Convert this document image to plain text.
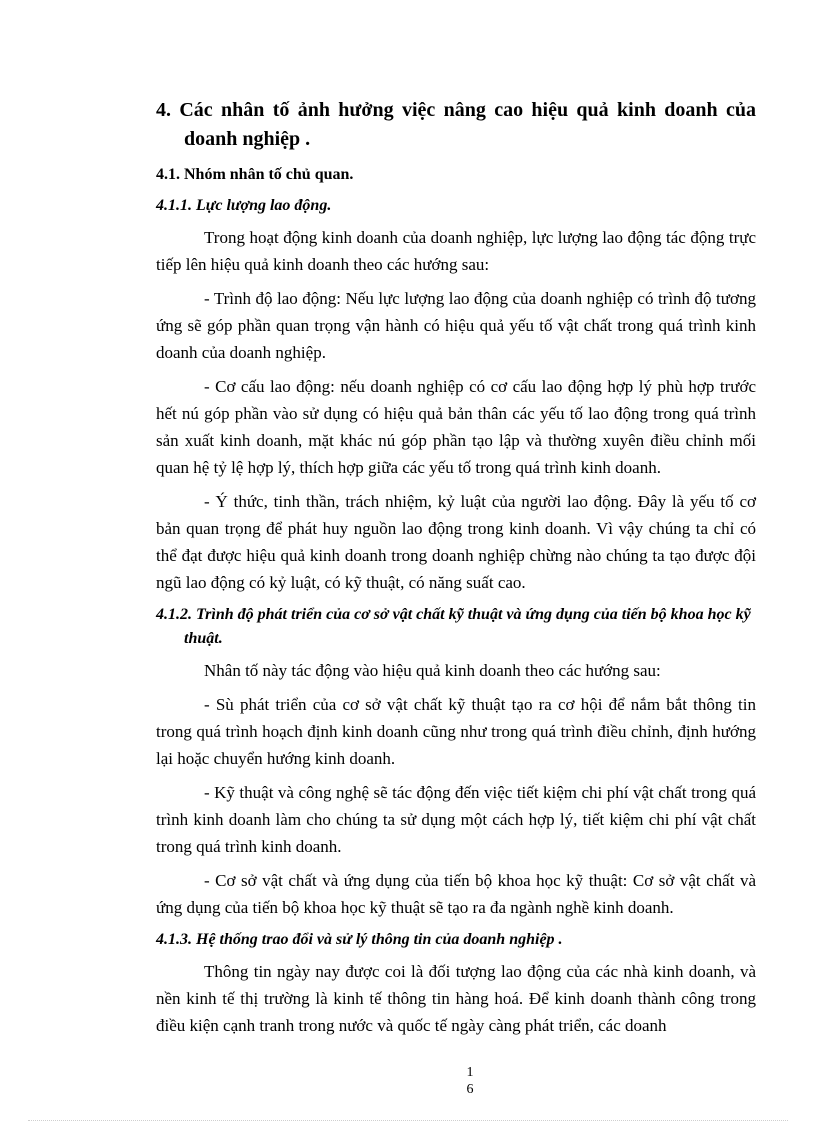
4. Các nhân tố ảnh hưởng việc nâng cao hiệu quả kinh doanh của doanh nghiệp .
4.1. Nhóm nhân tố chủ quan.
4.1.1. Lực lượng lao động.
Trong hoạt động kinh doanh của doanh nghiệp, lực lượng lao động tác động trực tiếp lên hiệu quả kinh doanh theo các hướng sau:
- Trình độ lao động: Nếu lực lượng lao động của doanh nghiệp có trình độ tương ứng sẽ góp phần quan trọng vận hành có hiệu quả yếu tố vật chất trong quá trình kinh doanh của doanh nghiệp.
- Cơ cấu lao động: nếu doanh nghiệp có cơ cấu lao động hợp lý phù hợp trước hết nú góp phần vào sử dụng có hiệu quả bản thân các yếu tố lao động trong quá trình sản xuất kinh doanh, mặt khác nú góp phần tạo lập và thường xuyên điều chỉnh mối quan hệ tỷ lệ hợp lý, thích hợp giữa các yếu tố trong quá trình kinh doanh.
- Ý thức, tinh thần, trách nhiệm, kỷ luật của người lao động. Đây là yếu tố cơ bản quan trọng để phát huy nguồn lao động trong kinh doanh. Vì vậy chúng ta chỉ có thể đạt được hiệu quả kinh doanh trong doanh nghiệp chừng nào chúng ta tạo được đội ngũ lao động có kỷ luật, có kỹ thuật, có năng suất cao.
4.1.2. Trình độ phát triển của cơ sở vật chất kỹ thuật và ứng dụng của tiến bộ khoa học kỹ thuật.
Nhân tố này tác động vào hiệu quả kinh doanh theo các hướng sau:
- Sù phát triển của cơ sở vật chất kỹ thuật tạo ra cơ hội để nắm bắt thông tin trong quá trình hoạch định kinh doanh cũng như trong quá trình điều chỉnh, định hướng lại hoặc chuyển hướng kinh doanh.
- Kỹ thuật và công nghệ sẽ tác động đến việc tiết kiệm chi phí vật chất trong quá trình kinh doanh làm cho chúng ta sử dụng một cách hợp lý, tiết kiệm chi phí vật chất trong quá trình kinh doanh.
- Cơ sở vật chất và ứng dụng của tiến bộ khoa học kỹ thuật: Cơ sở vật chất và ứng dụng của tiến bộ khoa học kỹ thuật sẽ tạo ra đa ngành nghề kinh doanh.
4.1.3. Hệ thống trao đổi và sử lý thông tin của doanh nghiệp .
Thông tin ngày nay được coi là đối tượng lao động của các nhà kinh doanh, và nền kinh tế thị trường là kinh tế thông tin hàng hoá. Để kinh doanh thành công trong điều kiện cạnh tranh trong nước và quốc tế ngày càng phát triển, các doanh
1
6
